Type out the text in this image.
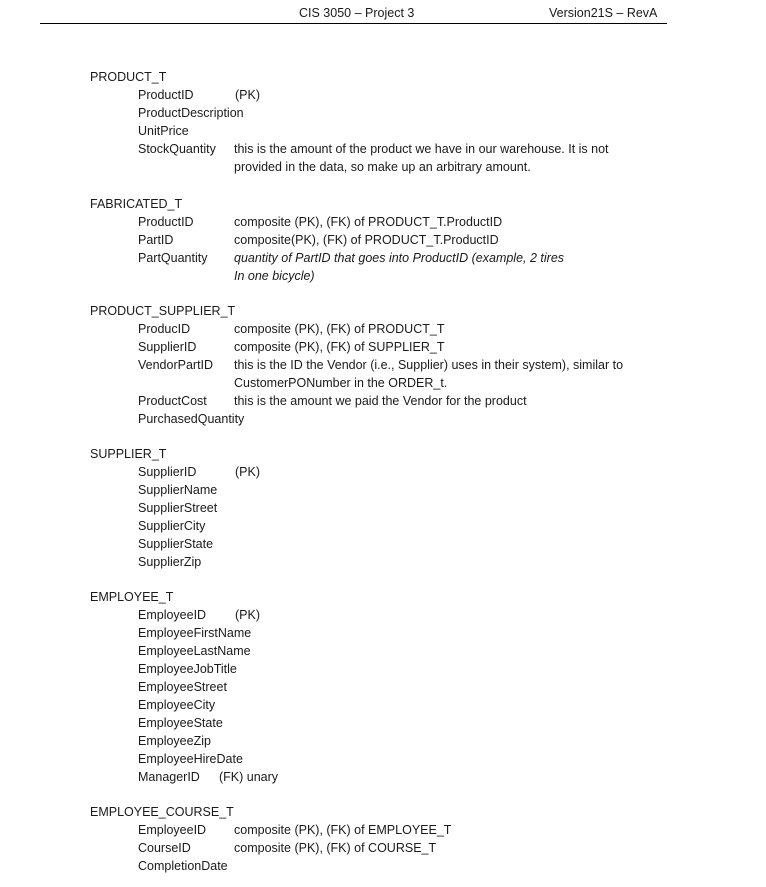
CIS 3050 – Project 3	Version21S – RevA
PRODUCT_T
ProductID	(PK)
ProductDescription
UnitPrice
StockQuantity this is the amount of the product we have in our warehouse. It is not
provided in the data, so make up an arbitrary amount.
FABRICATED_T
ProductID	composite (PK), (FK) of PRODUCT_T.ProductID
PartID	composite(PK), (FK) of PRODUCT_T.ProductID
PartQuantity quantity of PartID that goes into ProductID (example, 2 tires
In one bicycle)
PRODUCT_SUPPLIER_T
ProducID	composite (PK), (FK) of PRODUCT_T
SupplierID	composite (PK), (FK) of SUPPLIER_T
VendorPartID this is the ID the Vendor (i.e., Supplier) uses in their system), similar to
CustomerPONumber in the ORDER_t.
ProductCost this is the amount we paid the Vendor for the product
PurchasedQuantity
SUPPLIER_T
SupplierID	(PK)
SupplierName
SupplierStreet
SupplierCity
SupplierState
SupplierZip
EMPLOYEE_T
EmployeeID (PK)
EmployeeFirstName
EmployeeLastName
EmployeeJobTitle
EmployeeStreet
EmployeeCity
EmployeeState
EmployeeZip
EmployeeHireDate
ManagerID (FK) unary
EMPLOYEE_COURSE_T
EmployeeID composite (PK), (FK) of EMPLOYEE_T
CourseID	composite (PK), (FK) of COURSE_T
CompletionDate
